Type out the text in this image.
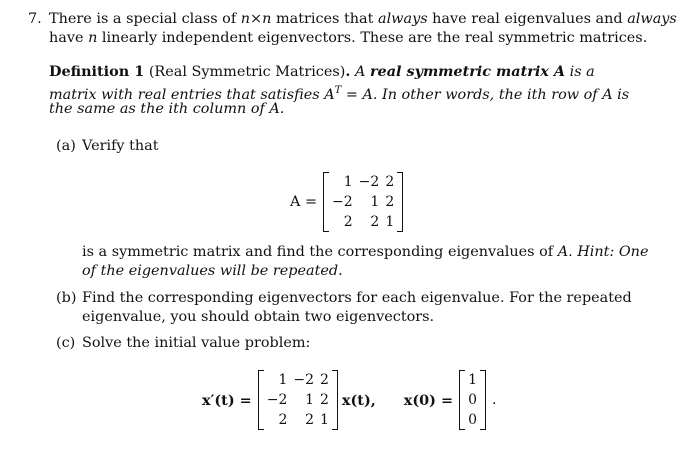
7. There is a special class of n×n matrices that always have real eigenvalues and always
have n linearly independent eigenvectors. These are the real symmetric matrices.
Definition 1 (Real Symmetric Matrices). A real symmetric matrix A is a
matrix with real entries that satisfies $A^T = A$. In other words, the ith row of A is
the same as the ith column of A.
(a) Verify that
A =
1	−2	2
−2	1	2
2	2	1
is a symmetric matrix and find the corresponding eigenvalues of A. Hint: One
of the eigenvalues will be repeated.
(b) Find the corresponding eigenvectors for each eigenvalue. For the repeated
eigenvalue, you should obtain two eigenvectors.
(c) Solve the initial value problem:
x′(t) =
1	−2	2
−2	1	2
2	2	1
x(t),	x(0) =
1
0
0
.
